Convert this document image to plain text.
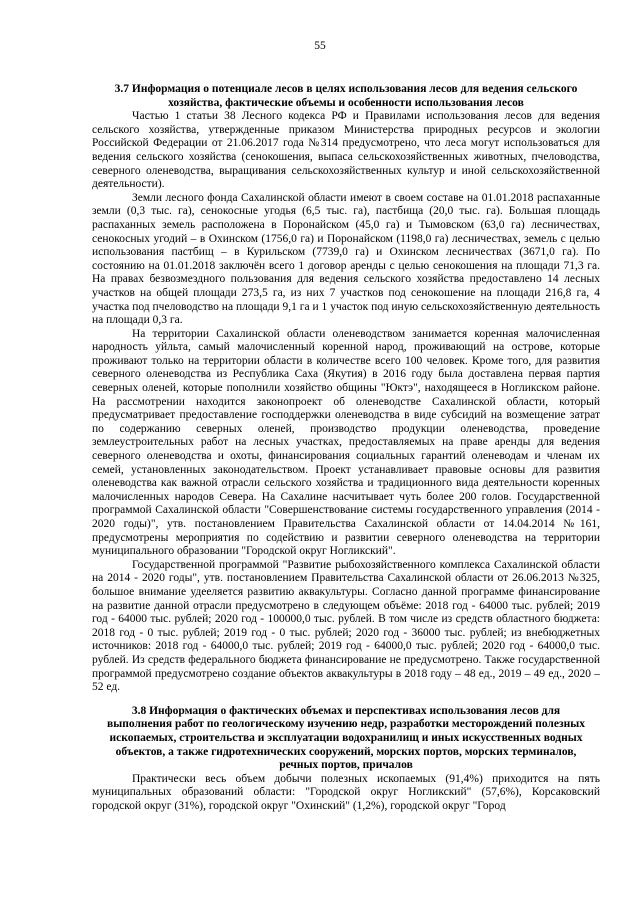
55

3.7 Информация о потенциале лесов в целях использования лесов для ведения сельского хозяйства, фактические объемы и особенности использования лесов

Частью 1 статьи 38 Лесного кодекса РФ и Правилами использования лесов для ведения сельского хозяйства, утвержденные приказом Министерства природных ресурсов и экологии Российской Федерации от 21.06.2017 года №314 предусмотрено, что леса могут использоваться для ведения сельского хозяйства (сенокошения, выпаса сельскохозяйственных животных, пчеловодства, северного оленеводства, выращивания сельскохозяйственных культур и иной сельскохозяйственной деятельности).

Земли лесного фонда Сахалинской области имеют в своем составе на 01.01.2018 распаханные земли (0,3 тыс. га), сенокосные угодья (6,5 тыс. га), пастбища (20,0 тыс. га). Большая площадь распаханных земель расположена в Поронайском (45,0 га) и Тымовском (63,0 га) лесничествах, сенокосных угодий – в Охинском (1756,0 га) и Поронайском (1198,0 га) лесничествах, земель с целью использования пастбищ – в Курильском (7739,0 га) и Охинском лесничествах (3671,0 га). По состоянию на 01.01.2018 заключён всего 1 договор аренды с целью сенокошения на площади 71,3 га. На правах безвозмездного пользования для ведения сельского хозяйства предоставлено 14 лесных участков на общей площади 273,5 га, из них 7 участков под сенокошение на площади 216,8 га, 4 участка под пчеловодство на площади 9,1 га и 1 участок под иную сельскохозяйственную деятельность на площади 0,3 га.

На территории Сахалинской области оленеводством занимается коренная малочисленная народность уйльта, самый малочисленный коренной народ, проживающий на острове, которые проживают только на территории области в количестве всего 100 человек. Кроме того, для развития северного оленеводства из Республика Саха (Якутия) в 2016 году была доставлена первая партия северных оленей, которые пополнили хозяйство общины "Юктэ", находящееся в Ногликском районе. На рассмотрении находится законопроект об оленеводстве Сахалинской области, который предусматривает предоставление господдержки оленеводства в виде субсидий на возмещение затрат по содержанию северных оленей, производство продукции оленеводства, проведение землеустроительных работ на лесных участках, предоставляемых на праве аренды для ведения северного оленеводства и охоты, финансирования социальных гарантий оленеводам и членам их семей, установленных законодательством. Проект устанавливает правовые основы для развития оленеводства как важной отрасли сельского хозяйства и традиционного вида деятельности коренных малочисленных народов Севера. На Сахалине насчитывает чуть более 200 голов. Государственной программой Сахалинской области "Совершенствование системы государственного управления (2014 - 2020 годы)", утв. постановлением Правительства Сахалинской области от 14.04.2014 №161, предусмотрены мероприятия по содействию и развитии северного оленеводства на территории муниципального образовании "Городской округ Ногликский".

Государственной программой "Развитие рыбохозяйственного комплекса Сахалинской области на 2014 - 2020 годы", утв. постановлением Правительства Сахалинской области от 26.06.2013 №325, большое внимание удееляется развитию аквакультуры. Согласно данной программе финансирование на развитие данной отрасли предусмотрено в следующем объёме: 2018 год - 64000 тыс. рублей; 2019 год - 64000 тыс. рублей; 2020 год - 100000,0 тыс. рублей. В том числе из средств областного бюджета: 2018 год - 0 тыс. рублей; 2019 год - 0 тыс. рублей; 2020 год - 36000 тыс. рублей; из внебюджетных источников: 2018 год - 64000,0 тыс. рублей; 2019 год - 64000,0 тыс. рублей; 2020 год - 64000,0 тыс. рублей. Из средств федерального бюджета финансирование не предусмотрено. Также государственной программой предусмотрено создание объектов аквакультуры в 2018 году – 48 ед., 2019 – 49 ед., 2020 – 52 ед.

3.8 Информация о фактических объемах и перспективах использования лесов для выполнения работ по геологическому изучению недр, разработки месторождений полезных ископаемых, строительства и эксплуатации водохранилищ и иных искусственных водных объектов, а также гидротехнических сооружений, морских портов, морских терминалов, речных портов, причалов

Практически весь объем добычи полезных ископаемых (91,4%) приходится на пять муниципальных образований области: "Городской округ Ногликский" (57,6%), Корсаковский городской округ (31%), городской округ "Охинский" (1,2%), городской округ "Город
